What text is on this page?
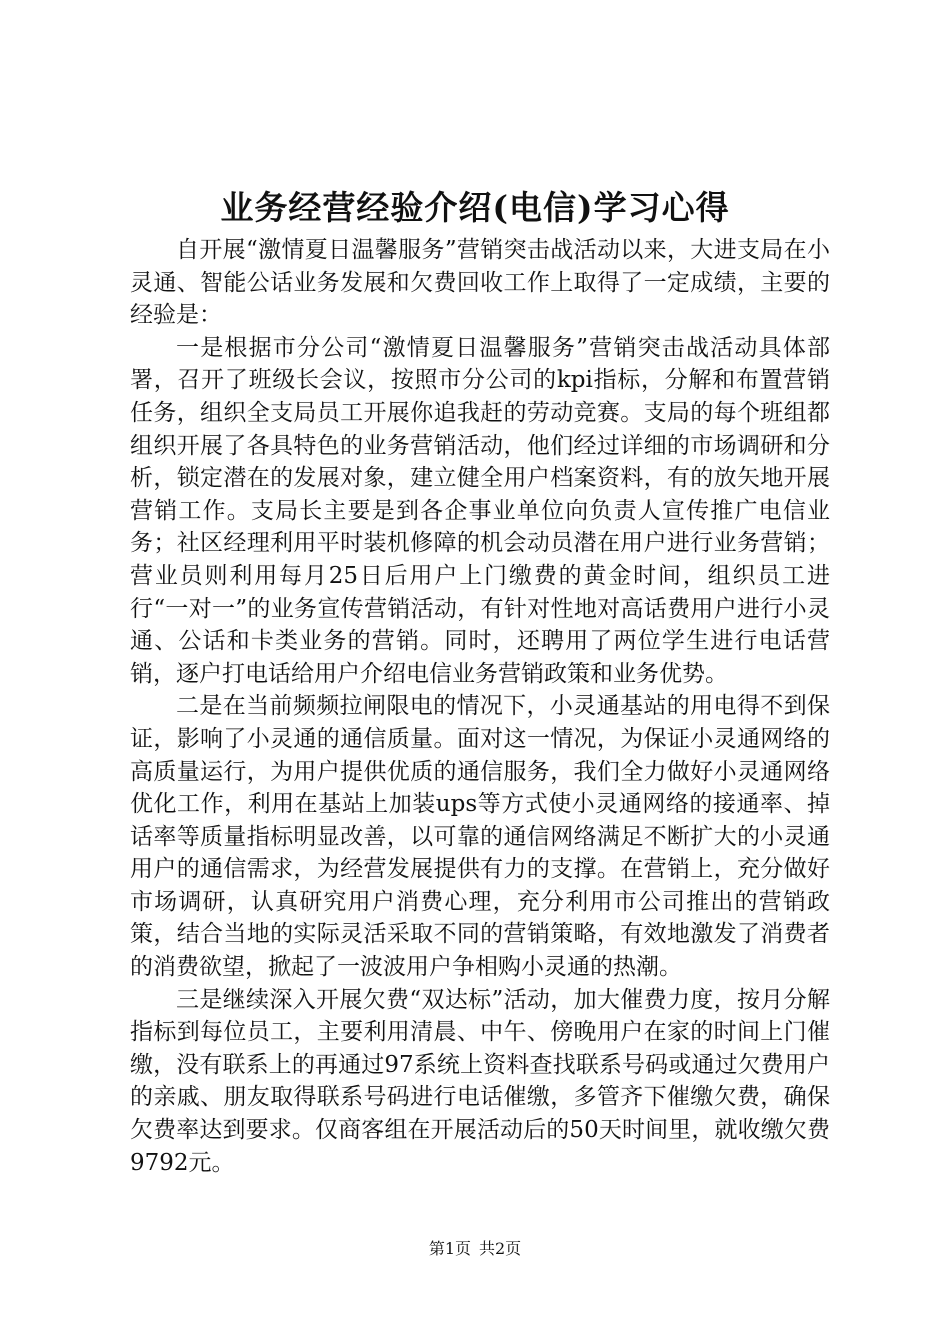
业务经营经验介绍(电信)学习心得

自开展“激情夏日温馨服务”营销突击战活动以来，大进支局在小灵通、智能公话业务发展和欠费回收工作上取得了一定成绩，主要的经验是：

一是根据市分公司“激情夏日温馨服务”营销突击战活动具体部署，召开了班级长会议，按照市分公司的kpi指标，分解和布置营销任务，组织全支局员工开展你追我赶的劳动竞赛。支局的每个班组都组织开展了各具特色的业务营销活动，他们经过详细的市场调研和分析，锁定潜在的发展对象，建立健全用户档案资料，有的放矢地开展营销工作。支局长主要是到各企事业单位向负责人宣传推广电信业务；社区经理利用平时装机修障的机会动员潜在用户进行业务营销；营业员则利用每月25日后用户上门缴费的黄金时间，组织员工进行“一对一”的业务宣传营销活动，有针对性地对高话费用户进行小灵通、公话和卡类业务的营销。同时，还聘用了两位学生进行电话营销，逐户打电话给用户介绍电信业务营销政策和业务优势。

二是在当前频频拉闸限电的情况下，小灵通基站的用电得不到保证，影响了小灵通的通信质量。面对这一情况，为保证小灵通网络的高质量运行，为用户提供优质的通信服务，我们全力做好小灵通网络优化工作，利用在基站上加装ups等方式使小灵通网络的接通率、掉话率等质量指标明显改善，以可靠的通信网络满足不断扩大的小灵通用户的通信需求，为经营发展提供有力的支撑。在营销上，充分做好市场调研，认真研究用户消费心理，充分利用市公司推出的营销政策，结合当地的实际灵活采取不同的营销策略，有效地激发了消费者的消费欲望，掀起了一波波用户争相购小灵通的热潮。

三是继续深入开展欠费“双达标”活动，加大催费力度，按月分解指标到每位员工，主要利用清晨、中午、傍晚用户在家的时间上门催缴，没有联系上的再通过97系统上资料查找联系号码或通过欠费用户的亲戚、朋友取得联系号码进行电话催缴，多管齐下催缴欠费，确保欠费率达到要求。仅商客组在开展活动后的50天时间里，就收缴欠费9792元。

第1页 共2页
